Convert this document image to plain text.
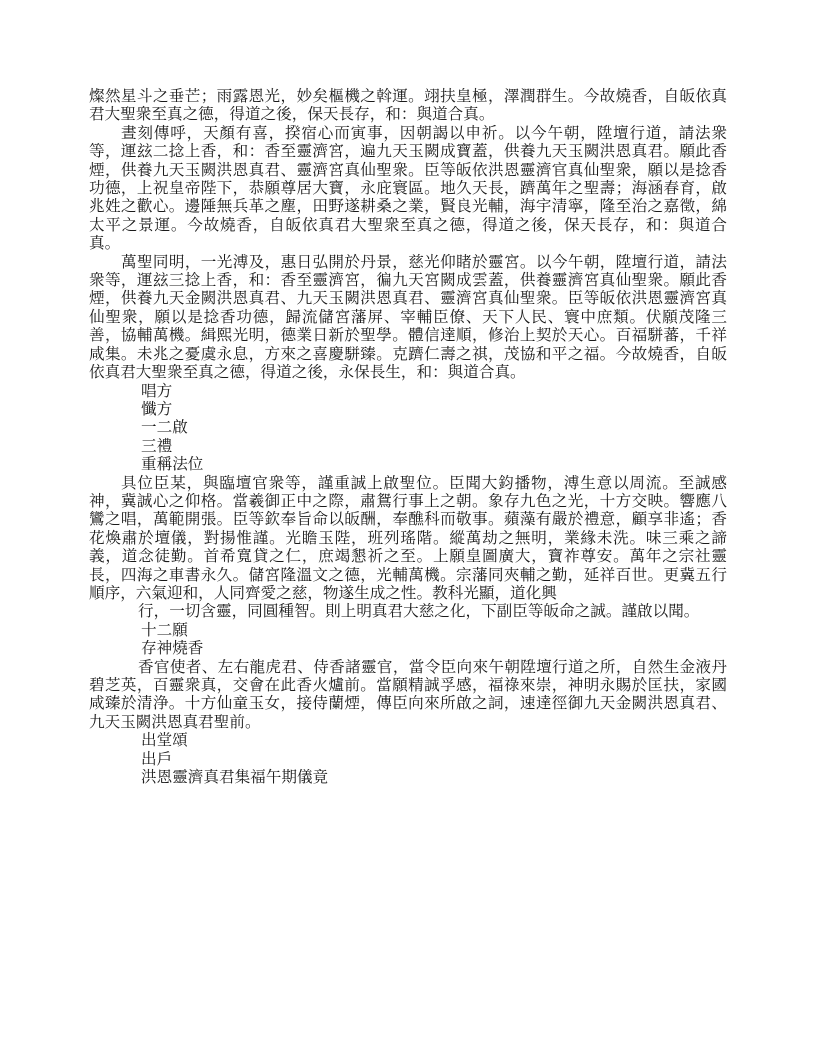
燦然星斗之垂芒；雨露恩光，妙矣樞機之斡運。翊扶皇極，澤潤群生。今故燒香，自皈依真君大聖衆至真之德，得道之後，保天長存，和：與道合真。

晝刻傳呼，天顏有喜，揆宿心而寅事，因朝謁以申祈。以今午朝，陞壇行道，請法衆等，運玆二捻上香，和：香至靈濟宮，遍九天玉闕成寶蓋，供養九天玉闕洪恩真君。願此香煙，供養九天玉闕洪恩真君、靈濟宮真仙聖衆。臣等皈依洪恩靈濟官真仙聖衆，願以是捻香功德，上祝皇帝陛下，恭願尊居大寶，永庇寰區。地久天長，躋萬年之聖壽；海涵春育，啟兆姓之歡心。邊陲無兵革之塵，田野遂耕桑之業，賢良光輔，海宇清寧，隆至治之嘉徵，綿太平之景運。今故燒香，自皈依真君大聖衆至真之德，得道之後，保天長存，和：與道合真。

萬聖同明，一光溥及，惠日弘開於丹景，慈光仰睹於靈宮。以今午朝，陞壇行道，請法衆等，運玆三捻上香，和：香至靈濟宮，徧九天宮闕成雲蓋，供養靈濟宮真仙聖衆。願此香煙，供養九天金闕洪恩真君、九天玉闕洪恩真君、靈濟宮真仙聖衆。臣等皈依洪恩靈濟宮真仙聖衆，願以是捻香功德，歸流儲宮藩屏、宰輔臣僚、天下人民、寰中庶類。伏願茂隆三善，協輔萬機。緝熙光明，德業日新於聖學。體信達順，修治上契於天心。百福駢蕃，千祥咸集。未兆之憂虞永息，方來之喜慶駢臻。克躋仁壽之祺，茂協和平之福。今故燒香，自皈依真君大聖衆至真之德，得道之後，永保長生，和：與道合真。

唱方

懺方

一二啟

三禮

重稱法位

具位臣某，與臨壇官衆等，謹重誠上啟聖位。臣聞大鈞播物，溥生意以周流。至誠感神，冀誠心之仰格。當羲御正中之際，肅鴛行事上之朝。象存九色之光，十方交映。響應八鸞之唱，萬範開張。臣等欽奉旨命以皈酬，奉醮科而敬事。蘋藻有嚴於禮意，顧享非遙；香花煥肅於壇儀，對揚惟謹。光瞻玉陛，班列瑤階。縱萬劫之無明，業緣未洗。味三乘之諦義，道念徒勤。首希寬貸之仁，庶竭懇祈之至。上願皇圖廣大，寶祚尊安。萬年之宗社靈長，四海之車書永久。儲宮隆溫文之德，光輔萬機。宗藩同夾輔之勤，延祥百世。更冀五行順序，六氣迎和，人同齊愛之慈，物遂生成之性。教科光顯，道化興

行，一切含靈，同圓種智。則上明真君大慈之化，下副臣等皈命之誠。謹啟以聞。

十二願

存神燒香

香官使者、左右龍虎君、侍香諸靈官，當令臣向來午朝陞壇行道之所，自然生金液丹碧芝英，百靈衆真，交會在此香火爐前。當願精誠孚感，福祿來崇，神明永賜於匡扶，家國咸臻於清浄。十方仙童玉女，接侍蘭煙，傳臣向來所啟之詞，速達徑御九天金闕洪恩真君、九天玉闕洪恩真君聖前。

出堂頌

出戶

洪恩靈濟真君集福午期儀竟
